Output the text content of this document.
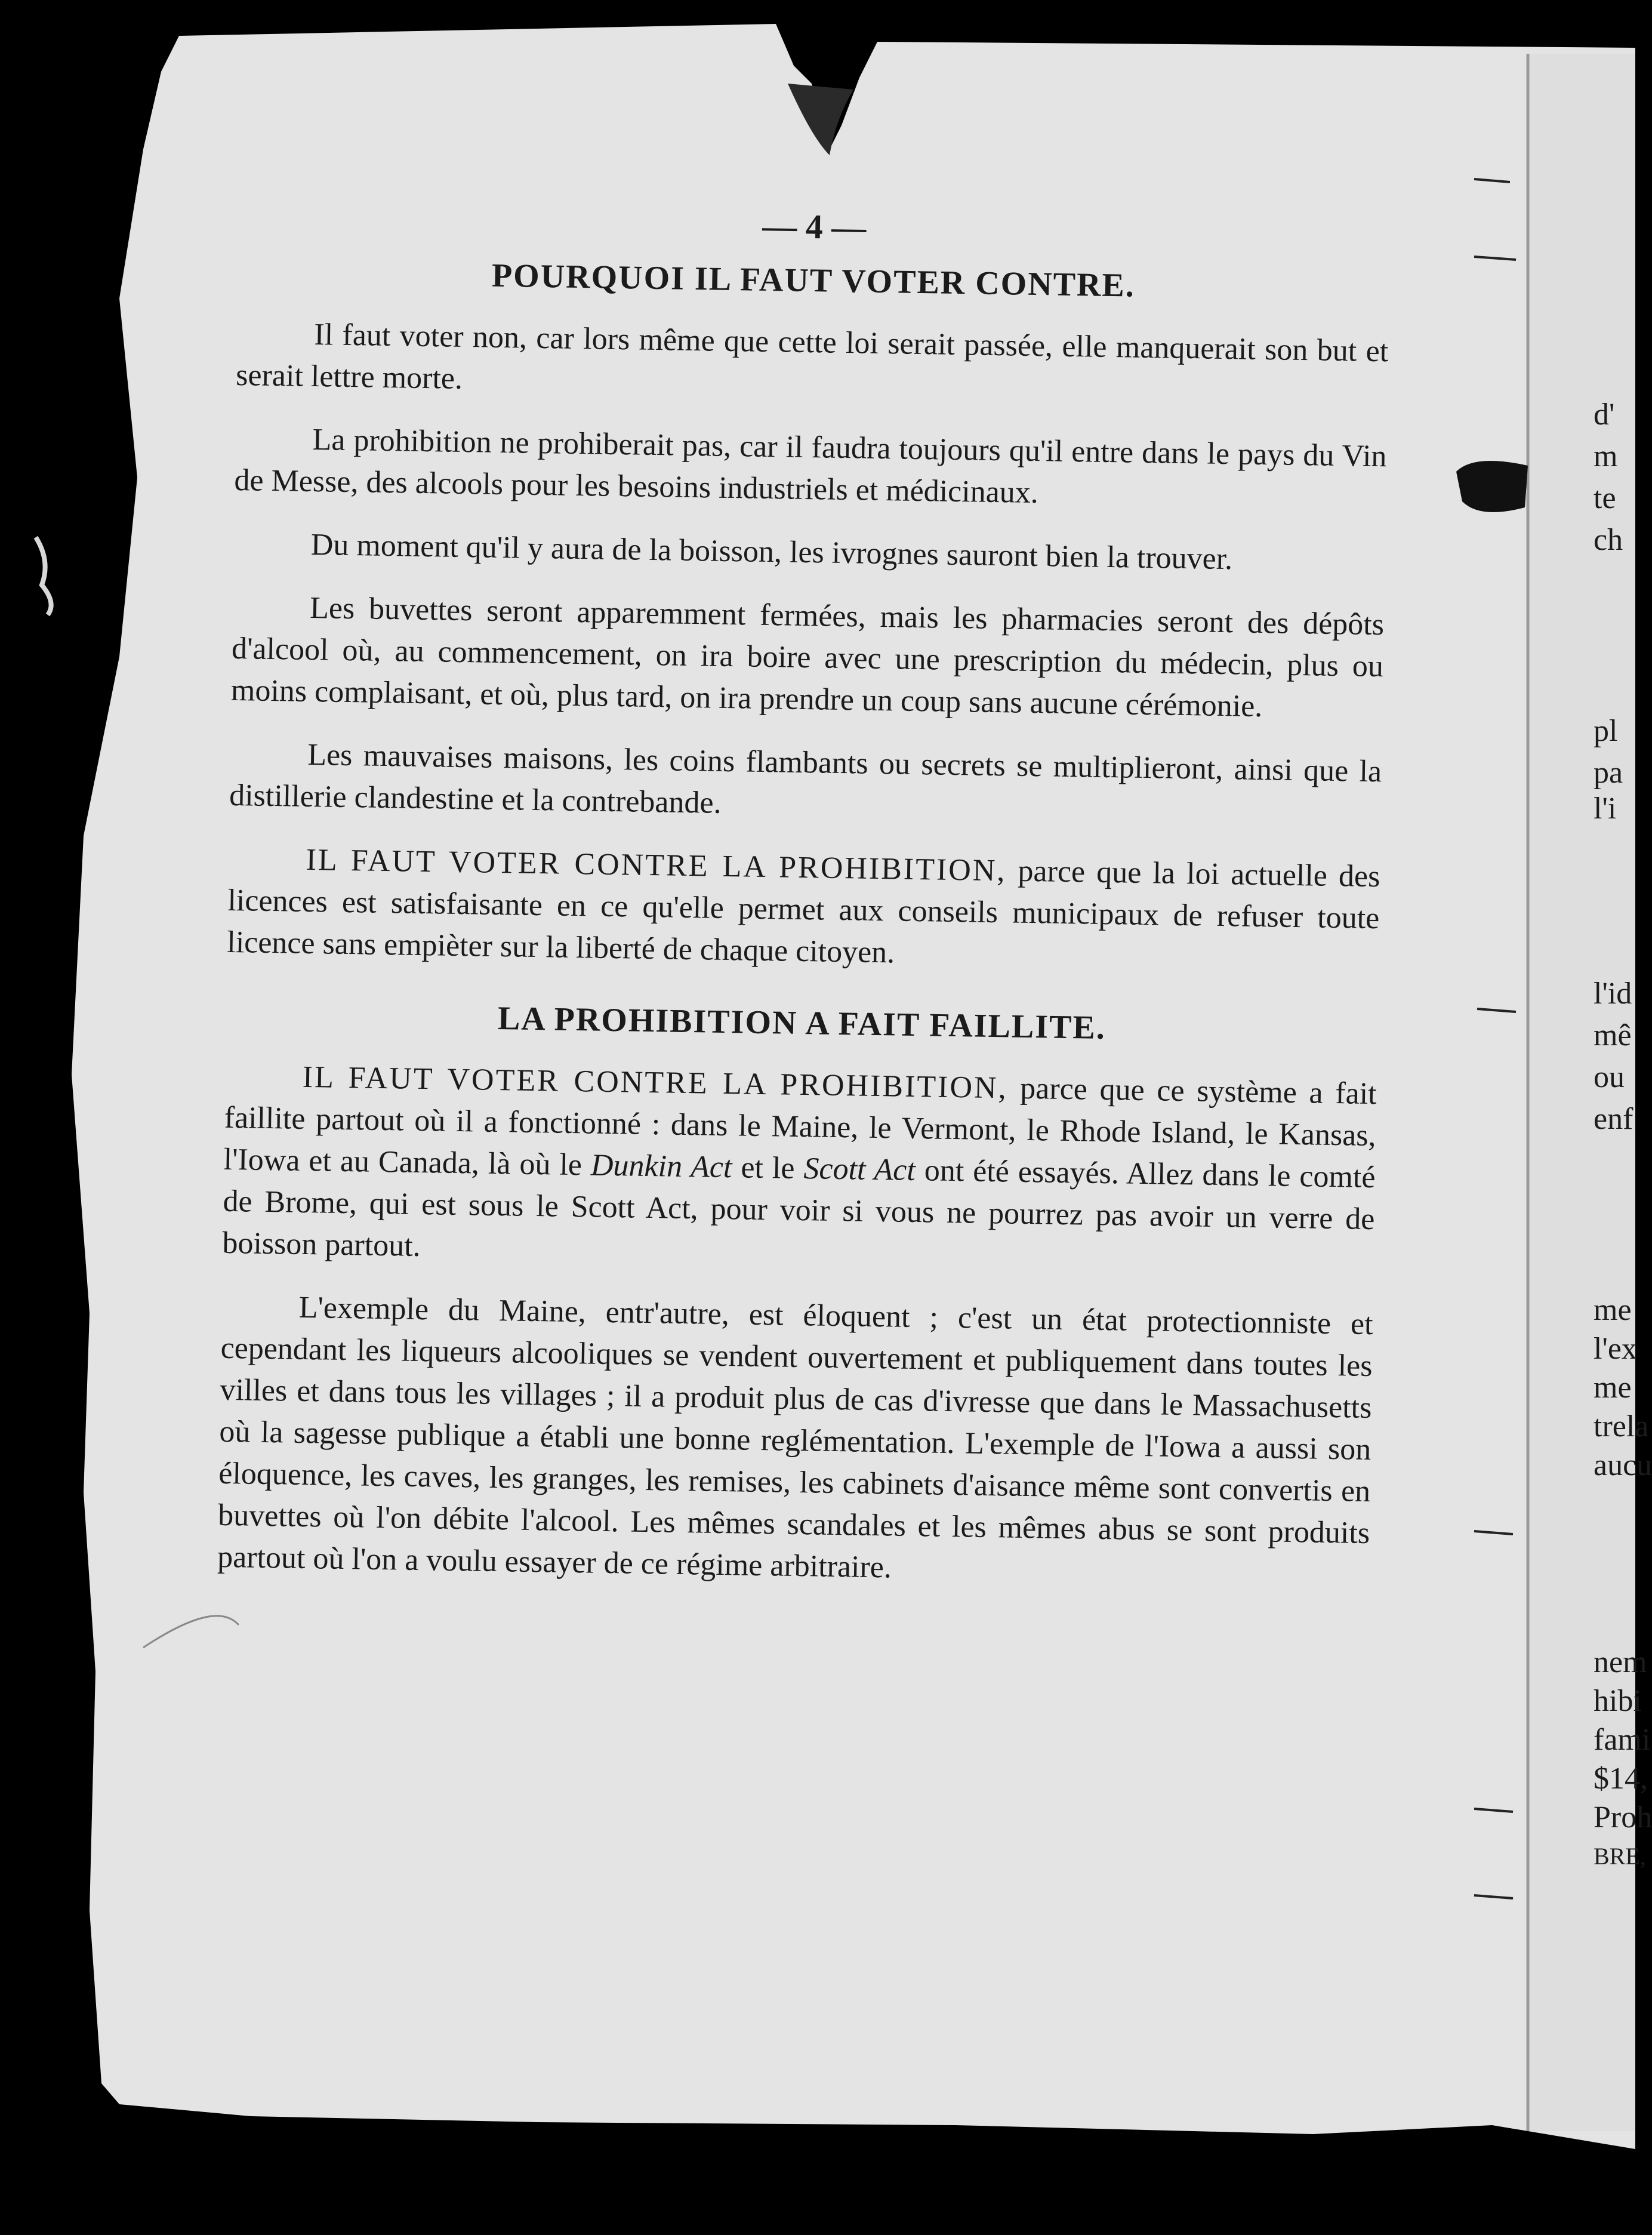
— 4 —
POURQUOI IL FAUT VOTER CONTRE.

Il faut voter non, car lors même que cette loi serait passée, elle manquerait son but et serait lettre morte.

La prohibition ne prohiberait pas, car il faudra toujours qu'il entre dans le pays du Vin de Messe, des alcools pour les besoins industriels et médicinaux.

Du moment qu'il y aura de la boisson, les ivrognes sauront bien la trouver.

Les buvettes seront apparemment fermées, mais les pharmacies seront des dépôts d'alcool où, au commencement, on ira boire avec une prescription du médecin, plus ou moins complaisant, et où, plus tard, on ira prendre un coup sans aucune cérémonie.

Les mauvaises maisons, les coins flambants ou secrets se multiplieront, ainsi que la distillerie clandestine et la contrebande.

IL FAUT VOTER CONTRE LA PROHIBITION, parce que la loi actuelle des licences est satisfaisante en ce qu'elle permet aux conseils municipaux de refuser toute licence sans empièter sur la liberté de chaque citoyen.

LA PROHIBITION A FAIT FAILLITE.

IL FAUT VOTER CONTRE LA PROHIBITION, parce que ce système a fait faillite partout où il a fonctionné : dans le Maine, le Vermont, le Rhode Island, le Kansas, l'Iowa et au Canada, là où le Dunkin Act et le Scott Act ont été essayés. Allez dans le comté de Brome, qui est sous le Scott Act, pour voir si vous ne pourrez pas avoir un verre de boisson partout.

L'exemple du Maine, entr'autre, est éloquent ; c'est un état protectionniste et cependant les liqueurs alcooliques se vendent ouvertement et publiquement dans toutes les villes et dans tous les villages ; il a produit plus de cas d'ivresse que dans le Massachusetts où la sagesse publique a établi une bonne reglémentation. L'exemple de l'Iowa a aussi son éloquence, les caves, les granges, les remises, les cabinets d'aisance même sont convertis en buvettes où l'on débite l'alcool. Les mêmes scandales et les mêmes abus se sont produits partout où l'on a voulu essayer de ce régime arbitraire.

d'
m
te
ch
pl
pa
l'i
l'id
mê
ou
enf
me
l'ex
me
trela
aucu
nem
hibi
fami
$14,
Proh
BRE,
